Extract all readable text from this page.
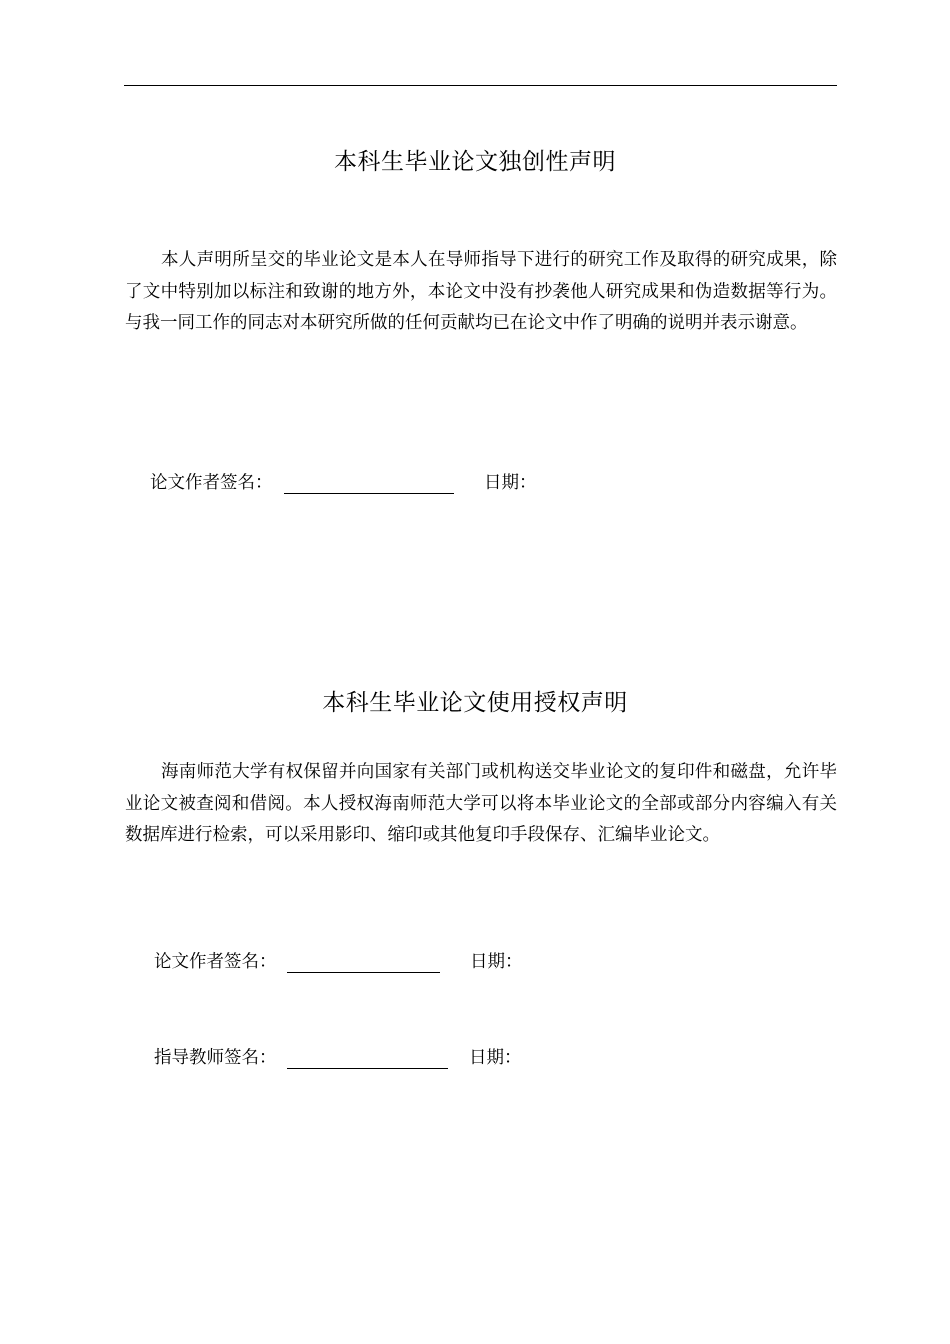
本科生毕业论文独创性声明

本人声明所呈交的毕业论文是本人在导师指导下进行的研究工作及取得的研究成果，除了文中特别加以标注和致谢的地方外，本论文中没有抄袭他人研究成果和伪造数据等行为。与我一同工作的同志对本研究所做的任何贡献均已在论文中作了明确的说明并表示谢意。

论文作者签名：	日期：
本科生毕业论文使用授权声明

海南师范大学有权保留并向国家有关部门或机构送交毕业论文的复印件和磁盘，允许毕业论文被查阅和借阅。本人授权海南师范大学可以将本毕业论文的全部或部分内容编入有关数据库进行检索，可以采用影印、缩印或其他复印手段保存、汇编毕业论文。

论文作者签名：	日期：
指导教师签名：	日期：
